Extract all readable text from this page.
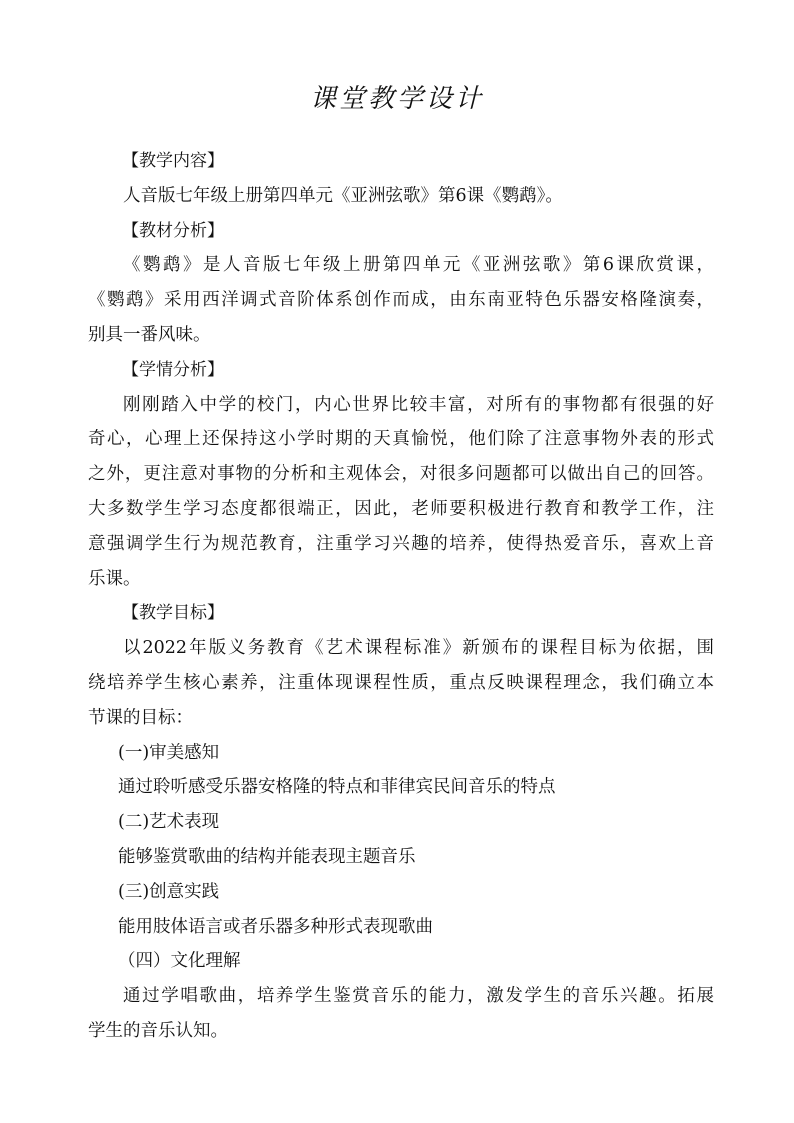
课堂教学设计
【教学内容】
人音版七年级上册第四单元《亚洲弦歌》第6课《鹦鹉》。
【教材分析】
《鹦鹉》是人音版七年级上册第四单元《亚洲弦歌》第6课欣赏课，
《鹦鹉》采用西洋调式音阶体系创作而成，由东南亚特色乐器安格隆演奏，
别具一番风味。
【学情分析】
刚刚踏入中学的校门，内心世界比较丰富，对所有的事物都有很强的好
奇心，心理上还保持这小学时期的天真愉悦，他们除了注意事物外表的形式
之外，更注意对事物的分析和主观体会，对很多问题都可以做出自己的回答。
大多数学生学习态度都很端正，因此，老师要积极进行教育和教学工作，注
意强调学生行为规范教育，注重学习兴趣的培养，使得热爱音乐，喜欢上音
乐课。
【教学目标】
以2022年版义务教育《艺术课程标准》新颁布的课程目标为依据，围
绕培养学生核心素养，注重体现课程性质，重点反映课程理念，我们确立本
节课的目标：
(一)审美感知
通过聆听感受乐器安格隆的特点和菲律宾民间音乐的特点
(二)艺术表现
能够鉴赏歌曲的结构并能表现主题音乐
(三)创意实践
能用肢体语言或者乐器多种形式表现歌曲
（四）文化理解
通过学唱歌曲，培养学生鉴赏音乐的能力，激发学生的音乐兴趣。拓展
学生的音乐认知。
